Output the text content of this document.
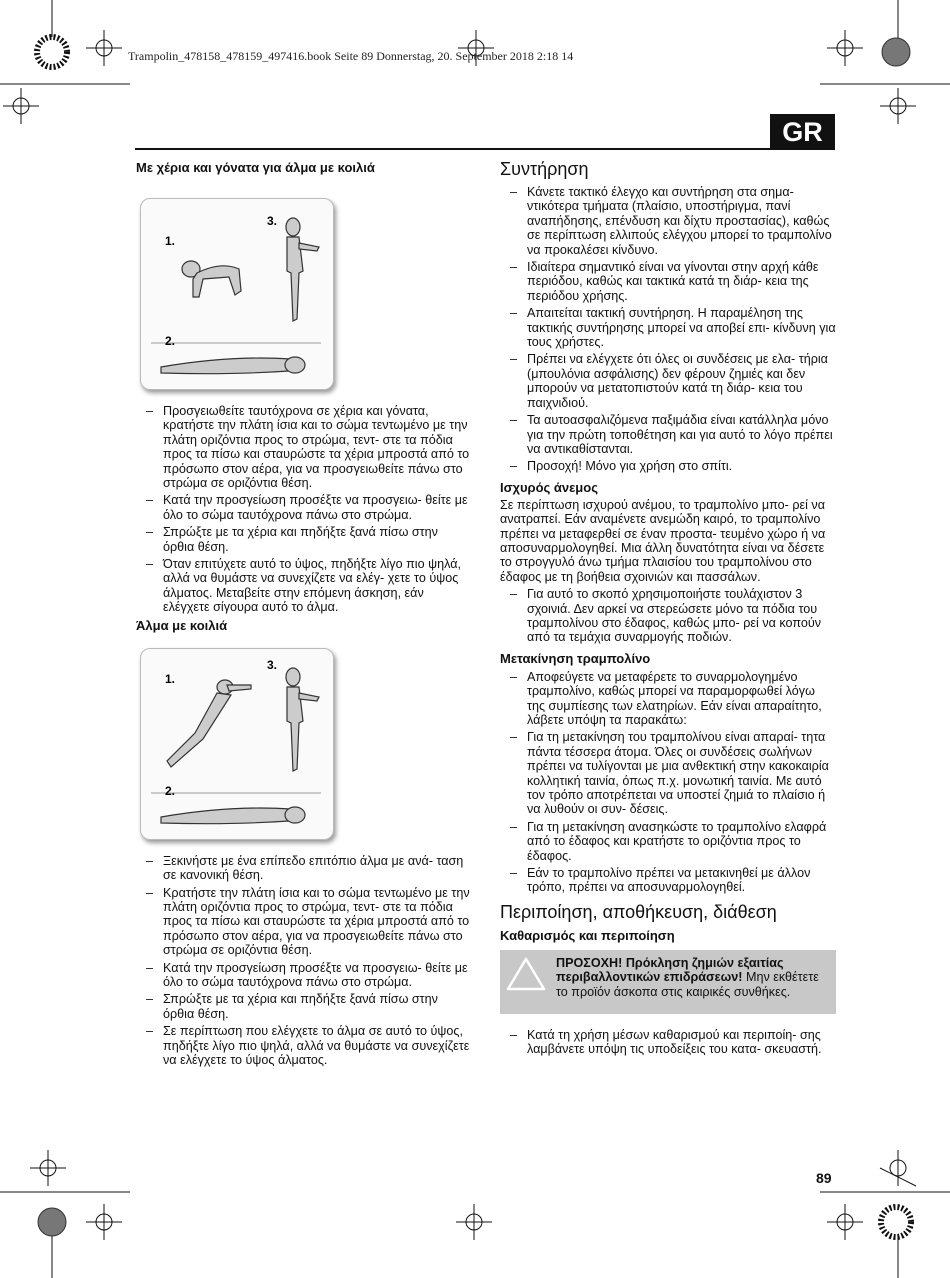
Trampolin_478158_478159_497416.book Seite 89 Donnerstag, 20. September 2018 2:18 14
GR
Με χέρια και γόνατα για άλμα με κοιλιά
1.
2.
3.
– Προσγειωθείτε ταυτόχρονα σε χέρια και γόνατα, κρατήστε την πλάτη ίσια και το σώμα τεντωμένο με την πλάτη οριζόντια προς το στρώμα, τεντ- στε τα πόδια προς τα πίσω και σταυρώστε τα χέρια μπροστά από το πρόσωπο στον αέρα, για να προσγειωθείτε πάνω στο στρώμα σε οριζόντια θέση.
– Κατά την προσγείωση προσέξτε να προσγειω- θείτε με όλο το σώμα ταυτόχρονα πάνω στο στρώμα.
– Σπρώξτε με τα χέρια και πηδήξτε ξανά πίσω στην όρθια θέση.
– Όταν επιτύχετε αυτό το ύψος, πηδήξτε λίγο πιο ψηλά, αλλά να θυμάστε να συνεχίζετε να ελέγ- χετε το ύψος άλματος. Μεταβείτε στην επόμενη άσκηση, εάν ελέγχετε σίγουρα αυτό το άλμα.
Άλμα με κοιλιά
1.
2.
3.
– Ξεκινήστε με ένα επίπεδο επιτόπιο άλμα με ανά- ταση σε κανονική θέση.
– Κρατήστε την πλάτη ίσια και το σώμα τεντωμένο με την πλάτη οριζόντια προς το στρώμα, τεντ- στε τα πόδια προς τα πίσω και σταυρώστε τα χέρια μπροστά από το πρόσωπο στον αέρα, για να προσγειωθείτε πάνω στο στρώμα σε οριζόντια θέση.
– Κατά την προσγείωση προσέξτε να προσγειω- θείτε με όλο το σώμα ταυτόχρονα πάνω στο στρώμα.
– Σπρώξτε με τα χέρια και πηδήξτε ξανά πίσω στην όρθια θέση.
– Σε περίπτωση που ελέγχετε το άλμα σε αυτό το ύψος, πηδήξτε λίγο πιο ψηλά, αλλά να θυμάστε να συνεχίζετε να ελέγχετε το ύψος άλματος.
Συντήρηση
– Κάνετε τακτικό έλεγχο και συντήρηση στα σημα- ντικότερα τμήματα (πλαίσιο, υποστήριγμα, πανί αναπήδησης, επένδυση και δίχτυ προστασίας), καθώς σε περίπτωση ελλιπούς ελέγχου μπορεί το τραμπολίνο να προκαλέσει κίνδυνο.
– Ιδιαίτερα σημαντικό είναι να γίνονται στην αρχή κάθε περιόδου, καθώς και τακτικά κατά τη διάρ- κεια της περιόδου χρήσης.
– Απαιτείται τακτική συντήρηση. Η παραμέληση της τακτικής συντήρησης μπορεί να αποβεί επι- κίνδυνη για τους χρήστες.
– Πρέπει να ελέγχετε ότι όλες οι συνδέσεις με ελα- τήρια (μπουλόνια ασφάλισης) δεν φέρουν ζημιές και δεν μπορούν να μετατοπιστούν κατά τη διάρ- κεια του παιχνιδιού.
– Τα αυτοασφαλιζόμενα παξιμάδια είναι κατάλληλα μόνο για την πρώτη τοποθέτηση και για αυτό το λόγο πρέπει να αντικαθίστανται.
– Προσοχή! Μόνο για χρήση στο σπίτι.
Ισχυρός άνεμος

Σε περίπτωση ισχυρού ανέμου, το τραμπολίνο μπο- ρεί να ανατραπεί. Εάν αναμένετε ανεμώδη καιρό, το τραμπολίνο πρέπει να μεταφερθεί σε έναν προστα- τευμένο χώρο ή να αποσυναρμολογηθεί. Μια άλλη δυνατότητα είναι να δέσετε το στρογγυλό άνω τμήμα πλαισίου του τραμπολίνου στο έδαφος με τη βοήθεια σχοινιών και πασσάλων.

– Για αυτό το σκοπό χρησιμοποιήστε τουλάχιστον 3 σχοινιά. Δεν αρκεί να στερεώσετε μόνο τα πόδια του τραμπολίνου στο έδαφος, καθώς μπο- ρεί να κοπούν από τα τεμάχια συναρμογής ποδιών.
Μετακίνηση τραμπολίνο
– Αποφεύγετε να μεταφέρετε το συναρμολογημένο τραμπολίνο, καθώς μπορεί να παραμορφωθεί λόγω της συμπίεσης των ελατηρίων. Εάν είναι απαραίτητο, λάβετε υπόψη τα παρακάτω:
– Για τη μετακίνηση του τραμπολίνου είναι απαραί- τητα πάντα τέσσερα άτομα. Όλες οι συνδέσεις σωλήνων πρέπει να τυλίγονται με μια ανθεκτική στην κακοκαιρία κολλητική ταινία, όπως π.χ. μονωτική ταινία. Με αυτό τον τρόπο αποτρέπεται να υποστεί ζημιά το πλαίσιο ή να λυθούν οι συν- δέσεις.
– Για τη μετακίνηση ανασηκώστε το τραμπολίνο ελαφρά από το έδαφος και κρατήστε το οριζόντια προς το έδαφος.
– Εάν το τραμπολίνο πρέπει να μετακινηθεί με άλλον τρόπο, πρέπει να αποσυναρμολογηθεί.
Περιποίηση, αποθήκευση, διάθεση
Καθαρισμός και περιποίηση
ΠΡΟΣΟΧΗ! Πρόκληση ζημιών εξαιτίας περιβαλλοντικών επιδράσεων! Μην εκθέτετε το προϊόν άσκοπα στις καιρικές συνθήκες.
– Κατά τη χρήση μέσων καθαρισμού και περιποίη- σης λαμβάνετε υπόψη τις υποδείξεις του κατα- σκευαστή.
89
